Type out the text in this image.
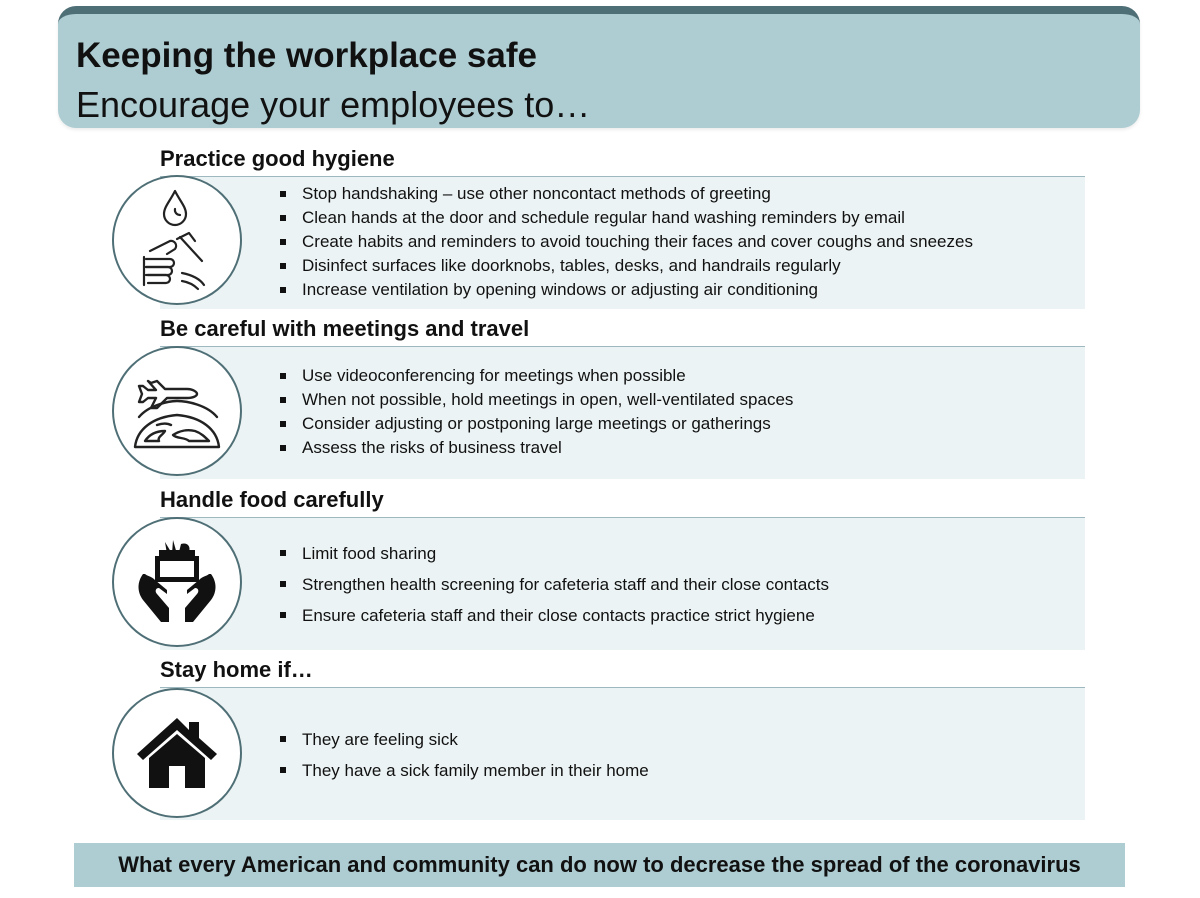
Keeping the workplace safe
Encourage your employees to…
Practice good hygiene
Stop handshaking – use other noncontact methods of greeting
Clean hands at the door and schedule regular hand washing reminders by email
Create habits and reminders to avoid touching their faces and cover coughs and sneezes
Disinfect surfaces like doorknobs, tables, desks, and handrails regularly
Increase ventilation by opening windows or adjusting air conditioning
Be careful with meetings and travel
Use videoconferencing for meetings when possible
When not possible, hold meetings in open, well-ventilated spaces
Consider adjusting or postponing large meetings or gatherings
Assess the risks of business travel
Handle food carefully
Limit food sharing
Strengthen health screening for cafeteria staff and their close contacts
Ensure cafeteria staff and their close contacts practice strict hygiene
Stay home if…
They are feeling sick
They have a sick family member in their home
What every American and community can do now to decrease the spread of the coronavirus
